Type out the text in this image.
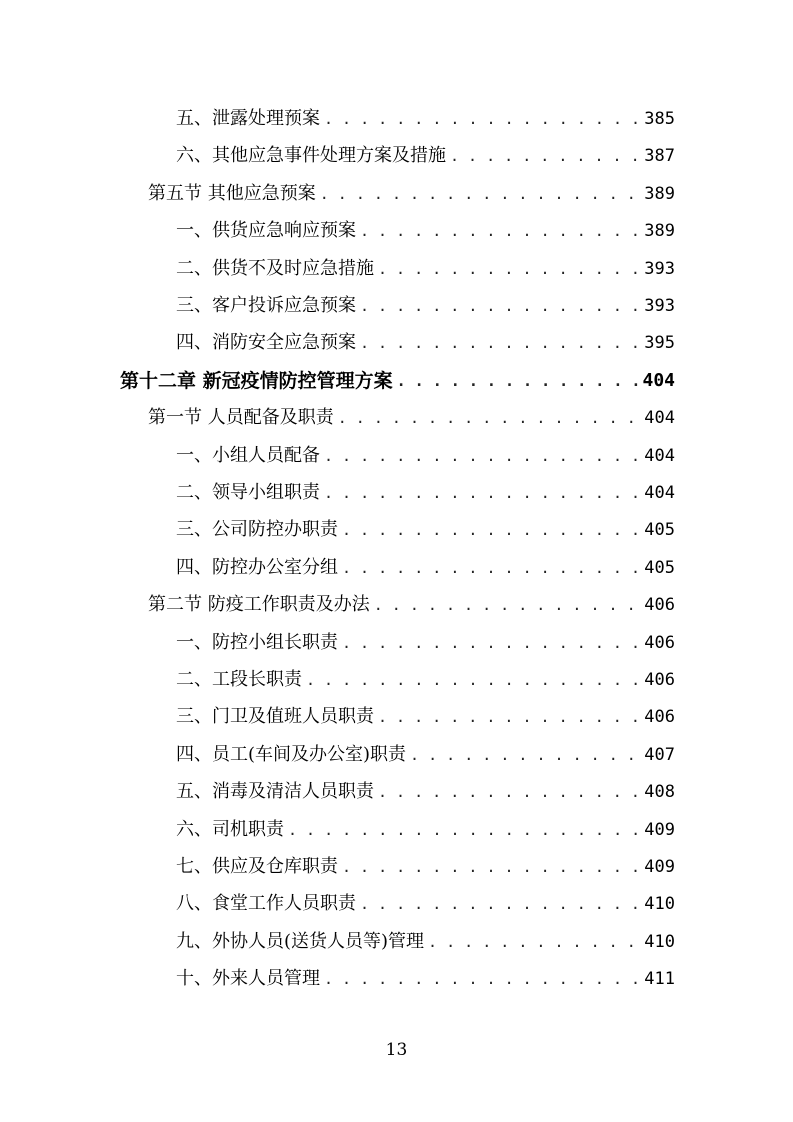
五、泄露处理预案 . . .	385
六、其他应急事件处理方案及措施 . . .	387
第五节 其他应急预案 . . .	389
一、供货应急响应预案 . . .	389
二、供货不及时应急措施 . . .	393
三、客户投诉应急预案 . . .	393
四、消防安全应急预案 . . .	395
第十二章 新冠疫情防控管理方案 . . .	404
第一节 人员配备及职责 . . .	404
一、小组人员配备 . . .	404
二、领导小组职责 . . .	404
三、公司防控办职责 . . .	405
四、防控办公室分组 . . .	405
第二节 防疫工作职责及办法 . . .	406
一、防控小组长职责 . . .	406
二、工段长职责 . . .	406
三、门卫及值班人员职责 . . .	406
四、员工(车间及办公室)职责 . . .	407
五、消毒及清洁人员职责 . . .	408
六、司机职责 . . .	409
七、供应及仓库职责 . . .	409
八、食堂工作人员职责 . . .	410
九、外协人员(送货人员等)管理 . . .	410
十、外来人员管理 . . .	411
13
